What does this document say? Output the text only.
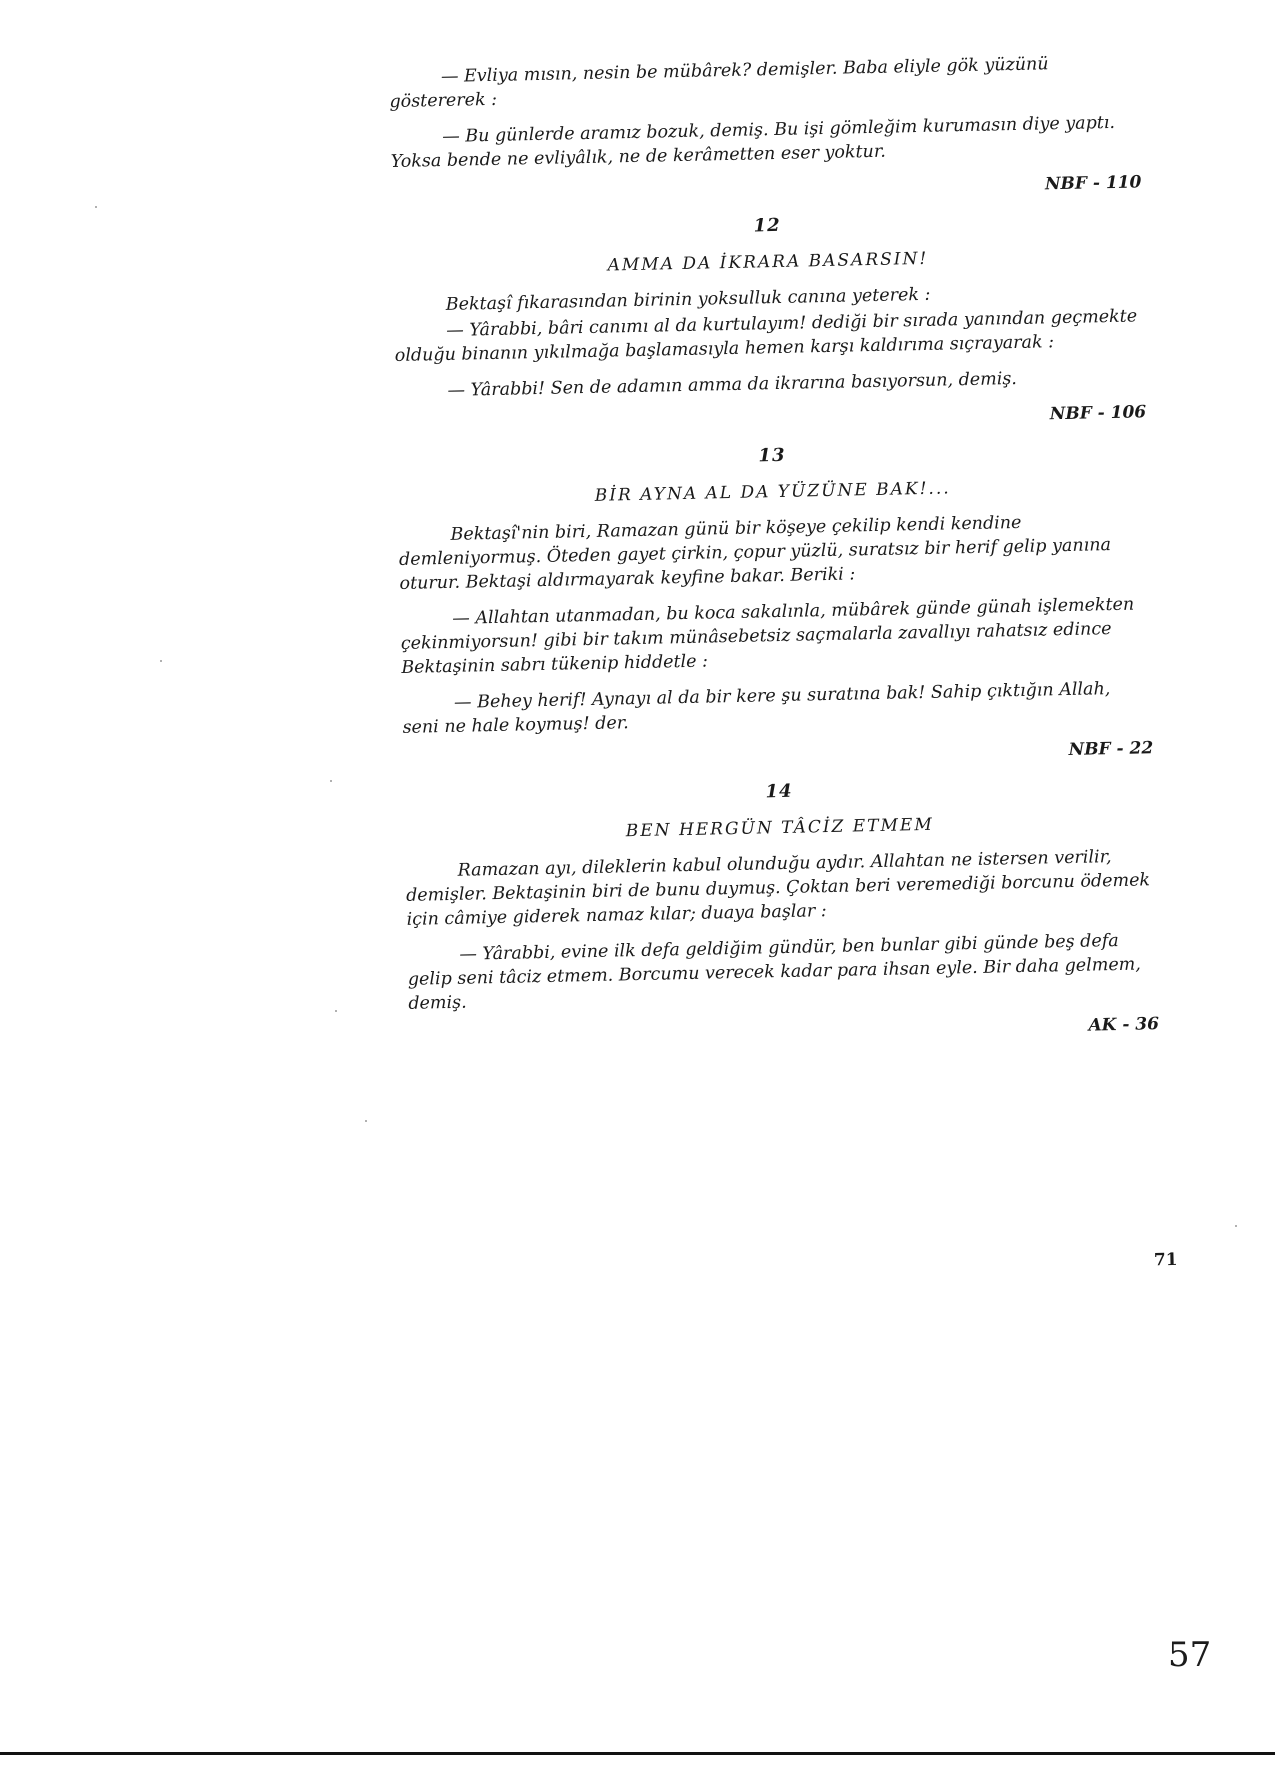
— Evliya mısın, nesin be mübârek? demişler. Baba eliyle gök yüzünü göstererek :

— Bu günlerde aramız bozuk, demiş. Bu işi gömleğim kurumasın diye yaptı. Yoksa bende ne evliyâlık, ne de kerâmetten eser yoktur.

NBF - 110

12

AMMA DA İKRARA BASARSIN!

Bektaşî fıkarasından birinin yoksulluk canına yeterek :

— Yârabbi, bâri canımı al da kurtulayım! dediği bir sırada yanından geçmekte olduğu binanın yıkılmağa başlamasıyla hemen karşı kaldırıma sıçrayarak :

— Yârabbi! Sen de adamın amma da ikrarına basıyorsun, demiş.

NBF - 106

13

BİR AYNA AL DA YÜZÜNE BAK!...

Bektaşî'nin biri, Ramazan günü bir köşeye çekilip kendi kendine demleniyormuş. Öteden gayet çirkin, çopur yüzlü, suratsız bir herif gelip yanına oturur. Bektaşi aldırmayarak keyfine bakar. Beriki :

— Allahtan utanmadan, bu koca sakalınla, mübârek günde günah işlemekten çekinmiyorsun! gibi bir takım münâsebetsiz saçmalarla zavallıyı rahatsız edince Bektaşinin sabrı tükenip hiddetle :

— Behey herif! Aynayı al da bir kere şu suratına bak! Sahip çıktığın Allah, seni ne hale koymuş! der.

NBF - 22

14

BEN HERGÜN TÂCİZ ETMEM

Ramazan ayı, dileklerin kabul olunduğu aydır. Allahtan ne istersen verilir, demişler. Bektaşinin biri de bunu duymuş. Çoktan beri veremediği borcunu ödemek için câmiye giderek namaz kılar; duaya başlar :

— Yârabbi, evine ilk defa geldiğim gündür, ben bunlar gibi günde beş defa gelip seni tâciz etmem. Borcumu verecek kadar para ihsan eyle. Bir daha gelmem, demiş.

AK - 36

71
57
